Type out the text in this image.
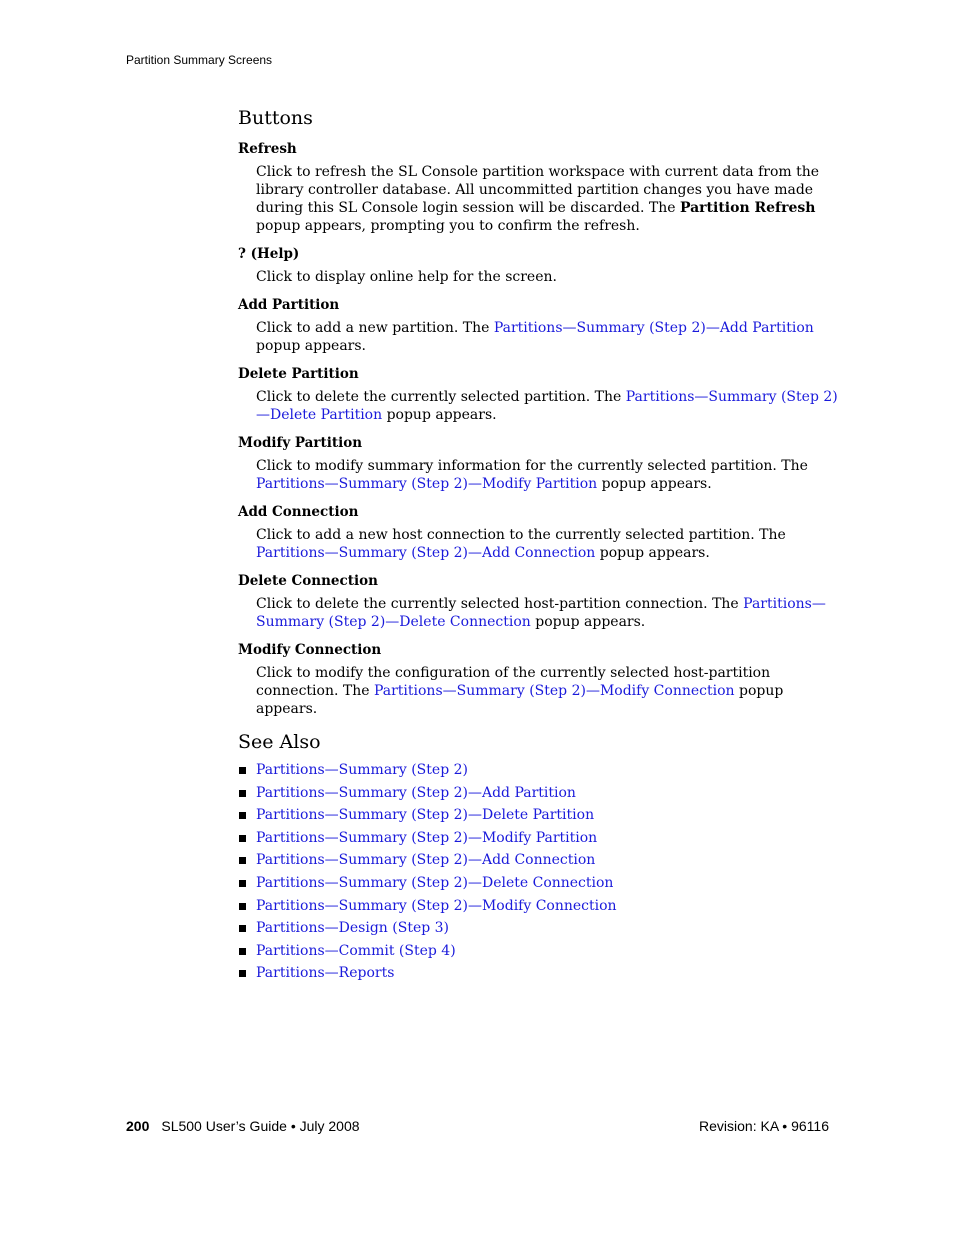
Partition Summary Screens
Buttons

Refresh

Click to refresh the SL Console partition workspace with current data from the library controller database. All uncommitted partition changes you have made during this SL Console login session will be discarded. The Partition Refresh popup appears, prompting you to confirm the refresh.

? (Help)

Click to display online help for the screen.

Add Partition

Click to add a new partition. The Partitions—Summary (Step 2)—Add Partition popup appears.

Delete Partition

Click to delete the currently selected partition. The Partitions—Summary (Step 2)—Delete Partition popup appears.

Modify Partition

Click to modify summary information for the currently selected partition. The Partitions—Summary (Step 2)—Modify Partition popup appears.

Add Connection

Click to add a new host connection to the currently selected partition. The Partitions—Summary (Step 2)—Add Connection popup appears.

Delete Connection

Click to delete the currently selected host-partition connection. The Partitions—Summary (Step 2)—Delete Connection popup appears.

Modify Connection

Click to modify the configuration of the currently selected host-partition connection. The Partitions—Summary (Step 2)—Modify Connection popup appears.

See Also
Partitions—Summary (Step 2)
Partitions—Summary (Step 2)—Add Partition
Partitions—Summary (Step 2)—Delete Partition
Partitions—Summary (Step 2)—Modify Partition
Partitions—Summary (Step 2)—Add Connection
Partitions—Summary (Step 2)—Delete Connection
Partitions—Summary (Step 2)—Modify Connection
Partitions—Design (Step 3)
Partitions—Commit (Step 4)
Partitions—Reports
200 SL500 User’s Guide • July 2008	Revision: KA • 96116
